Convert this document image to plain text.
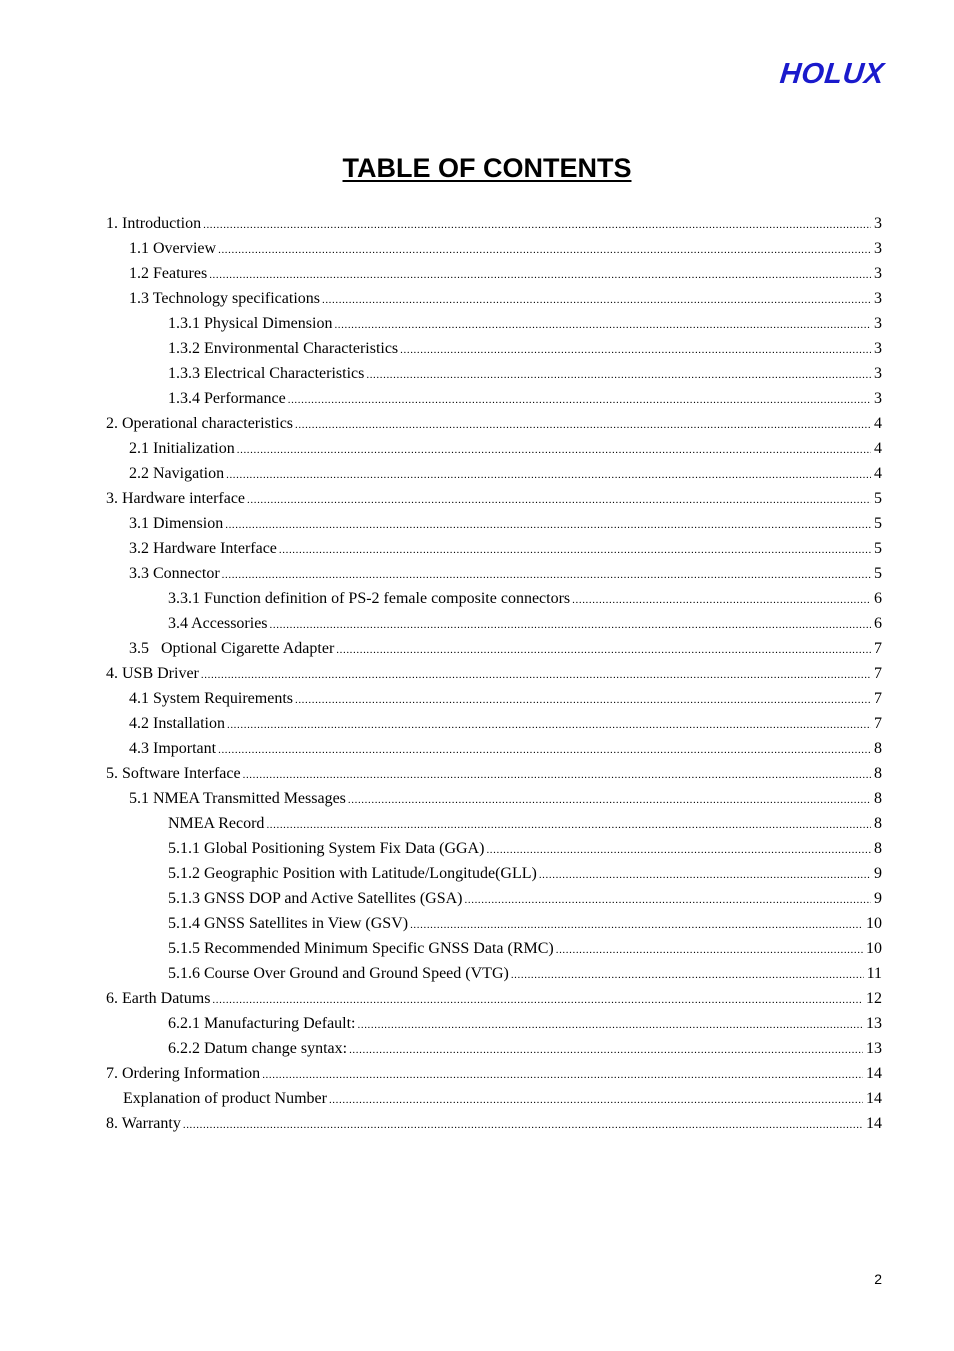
HOLUX
TABLE OF CONTENTS
1. Introduction .....	3
1.1 Overview .....	3
1.2 Features .....	3
1.3 Technology specifications .....	3
1.3.1 Physical Dimension .....	3
1.3.2 Environmental Characteristics .....	3
1.3.3 Electrical Characteristics .....	3
1.3.4 Performance .....	3
2. Operational characteristics .....	4
2.1 Initialization .....	4
2.2 Navigation .....	4
3. Hardware interface .....	5
3.1 Dimension .....	5
3.2 Hardware Interface .....	5
3.3 Connector .....	5
3.3.1 Function definition of PS-2 female composite connectors .....	6
3.4 Accessories .....	6
3.5   Optional Cigarette Adapter .....	7
4. USB Driver .....	7
4.1 System Requirements .....	7
4.2 Installation .....	7
4.3 Important .....	8
5. Software Interface .....	8
5.1 NMEA Transmitted Messages .....	8
NMEA Record .....	8
5.1.1 Global Positioning System Fix Data (GGA) .....	8
5.1.2 Geographic Position with Latitude/Longitude(GLL) .....	9
5.1.3 GNSS DOP and Active Satellites (GSA) .....	9
5.1.4 GNSS Satellites in View (GSV) .....	10
5.1.5 Recommended Minimum Specific GNSS Data (RMC) .....	10
5.1.6 Course Over Ground and Ground Speed (VTG) .....	11
6. Earth Datums .....	12
6.2.1 Manufacturing Default: .....	13
6.2.2 Datum change syntax: .....	13
7. Ordering Information .....	14
Explanation of product Number .....	14
8. Warranty .....	14
2
